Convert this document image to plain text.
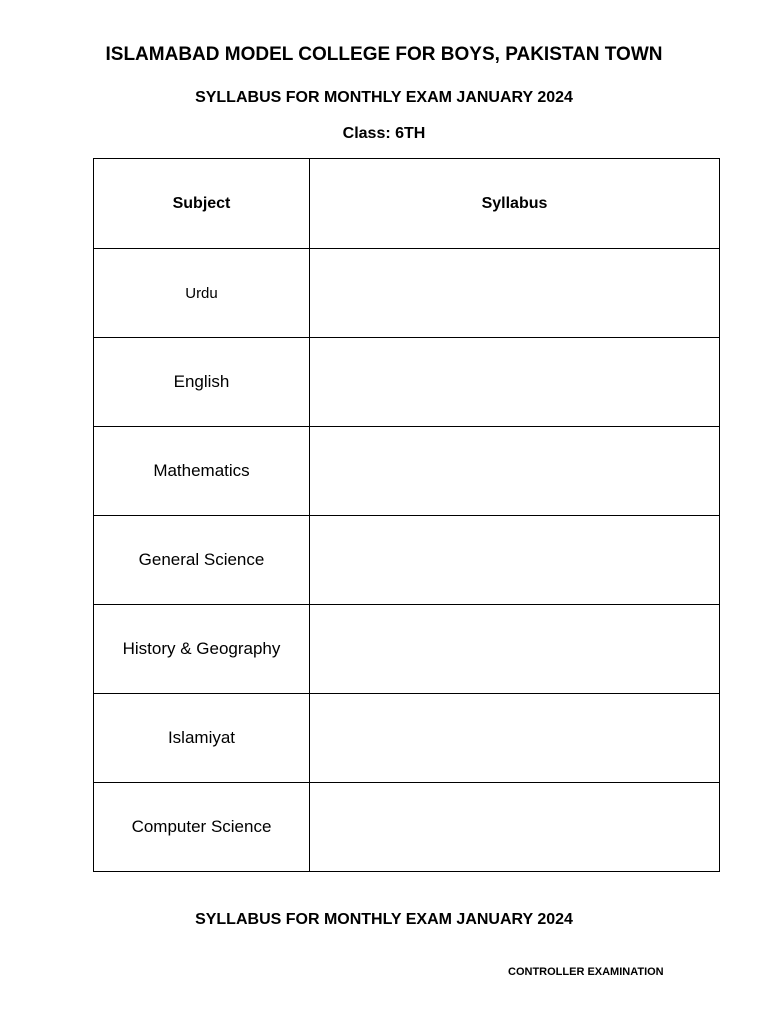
ISLAMABAD MODEL COLLEGE FOR BOYS, PAKISTAN TOWN
SYLLABUS FOR MONTHLY EXAM JANUARY 2024
Class: 6TH
Subject	Syllabus
Urdu	
English	
Mathematics	
General Science	
History & Geography	
Islamiyat	
Computer Science	
SYLLABUS FOR MONTHLY EXAM JANUARY 2024
CONTROLLER EXAMINATION
